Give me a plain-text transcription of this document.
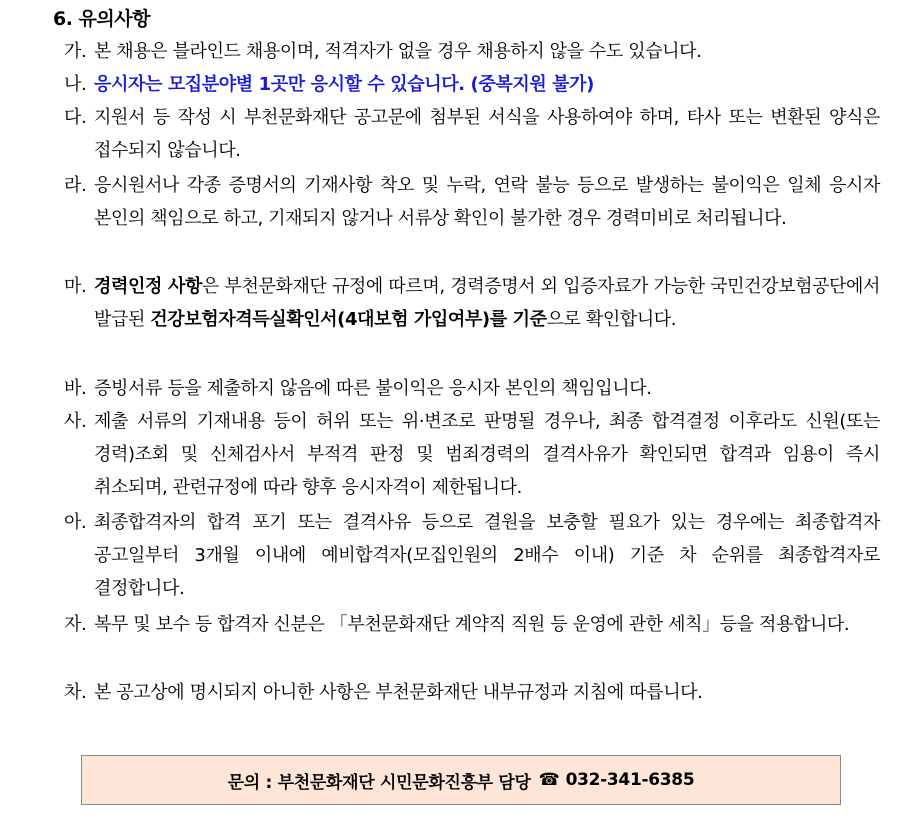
6. 유의사항
가. 본 채용은 블라인드 채용이며, 적격자가 없을 경우 채용하지 않을 수도 있습니다.
나. 응시자는 모집분야별 1곳만 응시할 수 있습니다. (중복지원 불가)
다. 지원서 등 작성 시 부천문화재단 공고문에 첨부된 서식을 사용하여야 하며, 타사 또는 변환된 양식은 접수되지 않습니다.
라. 응시원서나 각종 증명서의 기재사항 착오 및 누락, 연락 불능 등으로 발생하는 불이익은 일체 응시자 본인의 책임으로 하고, 기재되지 않거나 서류상 확인이 불가한 경우 경력미비로 처리됩니다.
마. 경력인정 사항은 부천문화재단 규정에 따르며, 경력증명서 외 입증자료가 가능한 국민건강보험공단에서 발급된 건강보험자격득실확인서(4대보험 가입여부)를 기준으로 확인합니다.
바. 증빙서류 등을 제출하지 않음에 따른 불이익은 응시자 본인의 책임입니다.
사. 제출 서류의 기재내용 등이 허위 또는 위·변조로 판명될 경우나, 최종 합격결정 이후라도 신원(또는 경력)조회 및 신체검사서 부적격 판정 및 범죄경력의 결격사유가 확인되면 합격과 임용이 즉시 취소되며, 관련규정에 따라 향후 응시자격이 제한됩니다.
아. 최종합격자의 합격 포기 또는 결격사유 등으로 결원을 보충할 필요가 있는 경우에는 최종합격자 공고일부터 3개월 이내에 예비합격자(모집인원의 2배수 이내) 기준 차 순위를 최종합격자로 결정합니다.
자. 복무 및 보수 등 합격자 신분은 「부천문화재단 계약직 직원 등 운영에 관한 세칙」등을 적용합니다.
차. 본 공고상에 명시되지 아니한 사항은 부천문화재단 내부규정과 지침에 따릅니다.
문의 : 부천문화재단 시민문화진흥부 담당 ☎ 032-341-6385
